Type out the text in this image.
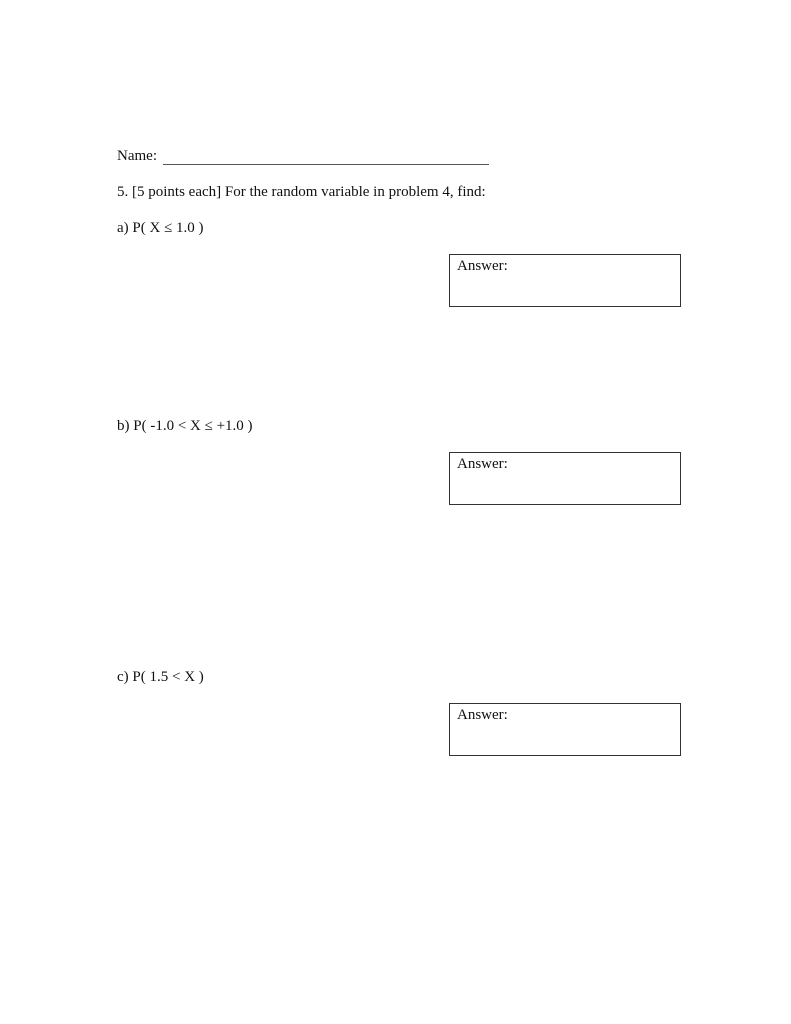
Name:
5. [5 points each] For the random variable in problem 4, find:
a) P( X ≤ 1.0 )
Answer:
b) P( -1.0 < X ≤ +1.0 )
Answer:
c) P( 1.5 < X )
Answer:
